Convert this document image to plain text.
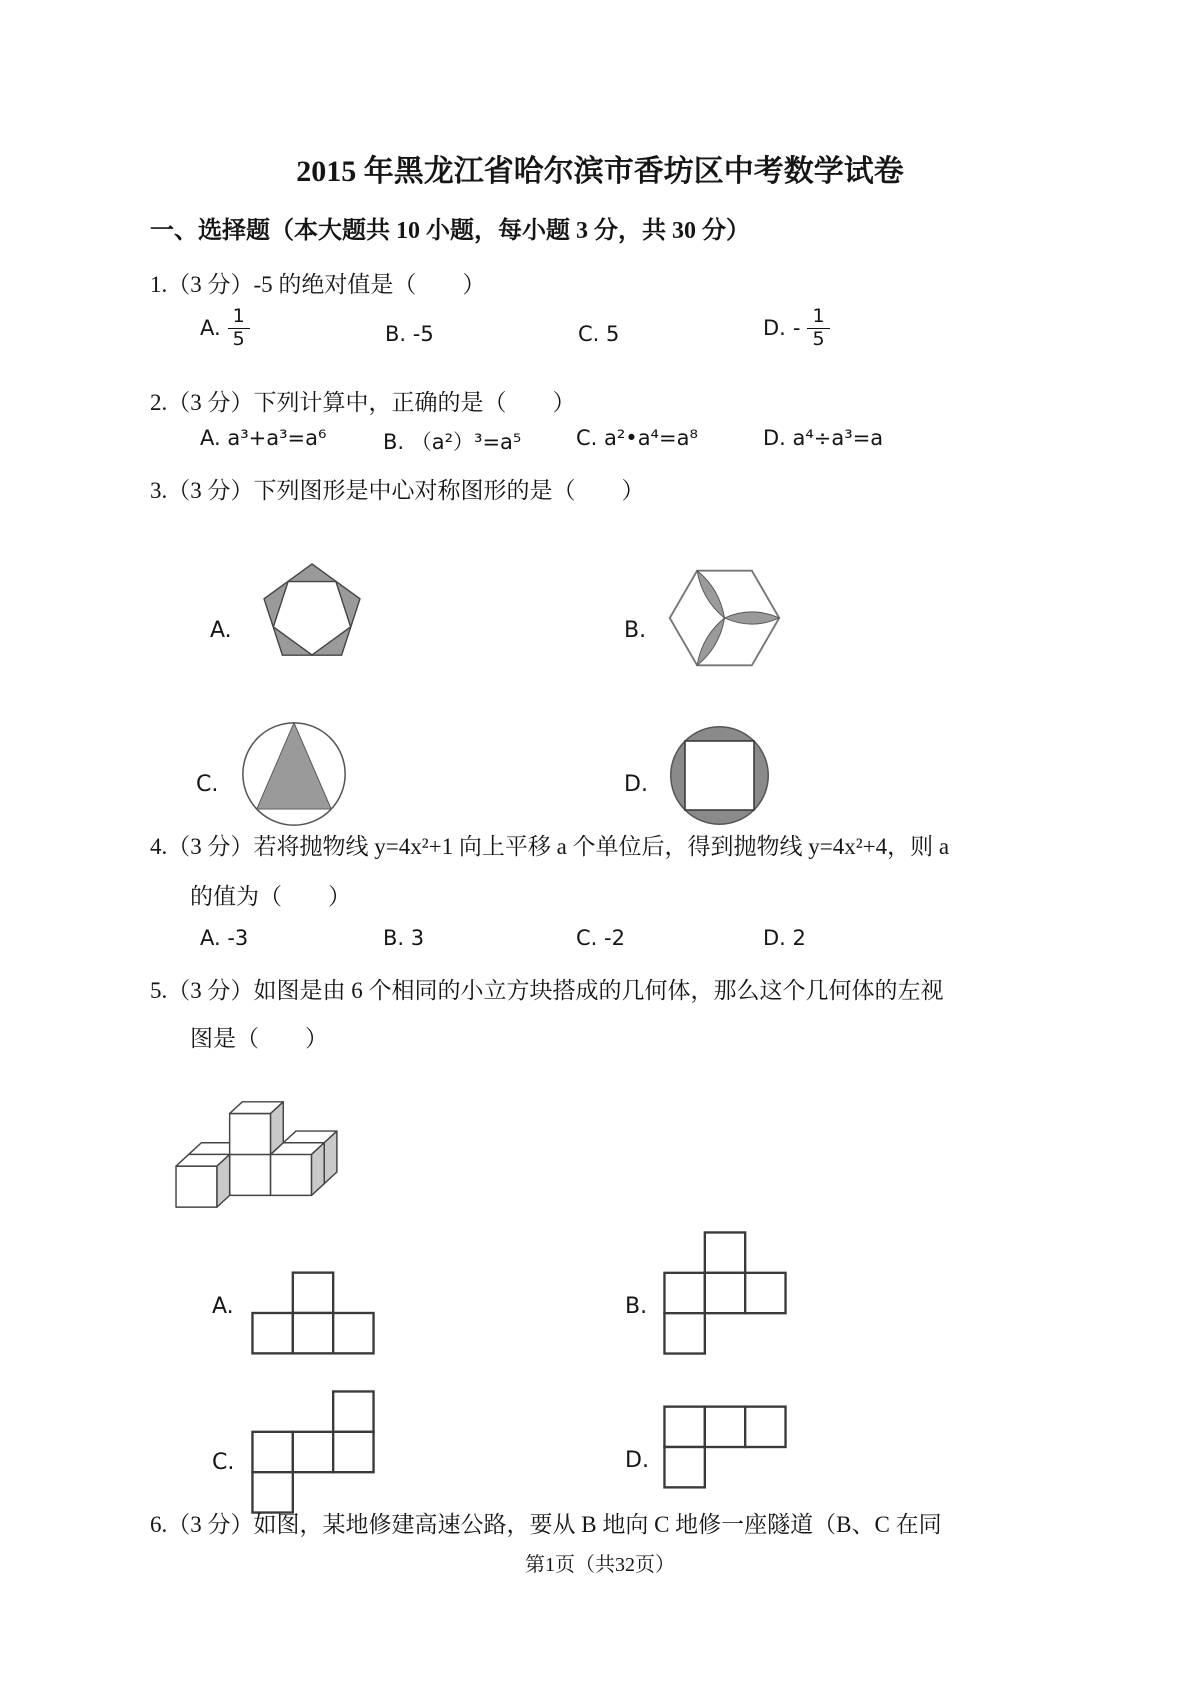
2015 年黑龙江省哈尔滨市香坊区中考数学试卷
一、选择题（本大题共 10 小题，每小题 3 分，共 30 分）
1.（3 分）-5 的绝对值是（　　）
A. $\frac{1}{5}$	B. -5	C. 5	D. - $\frac{1}{5}$
2.（3 分）下列计算中，正确的是（　　）
A. a³+a³=a⁶	B. （a²）³=a⁵	C. a²•a⁴=a⁸	D. a⁴÷a³=a
3.（3 分）下列图形是中心对称图形的是（　　）

A.

	B.

C.

	D.
4.（3 分）若将抛物线 y=4x²+1 向上平移 a 个单位后，得到抛物线 y=4x²+4，则 a
的值为（　　）
A. -3	B. 3	C. -2	D. 2
5.（3 分）如图是由 6 个相同的小立方块搭成的几何体，那么这个几何体的左视
图是（　　）

A.

	B.

C.

	D.
6.（3 分）如图，某地修建高速公路，要从 B 地向 C 地修一座隧道（B、C 在同
第1页（共32页）
